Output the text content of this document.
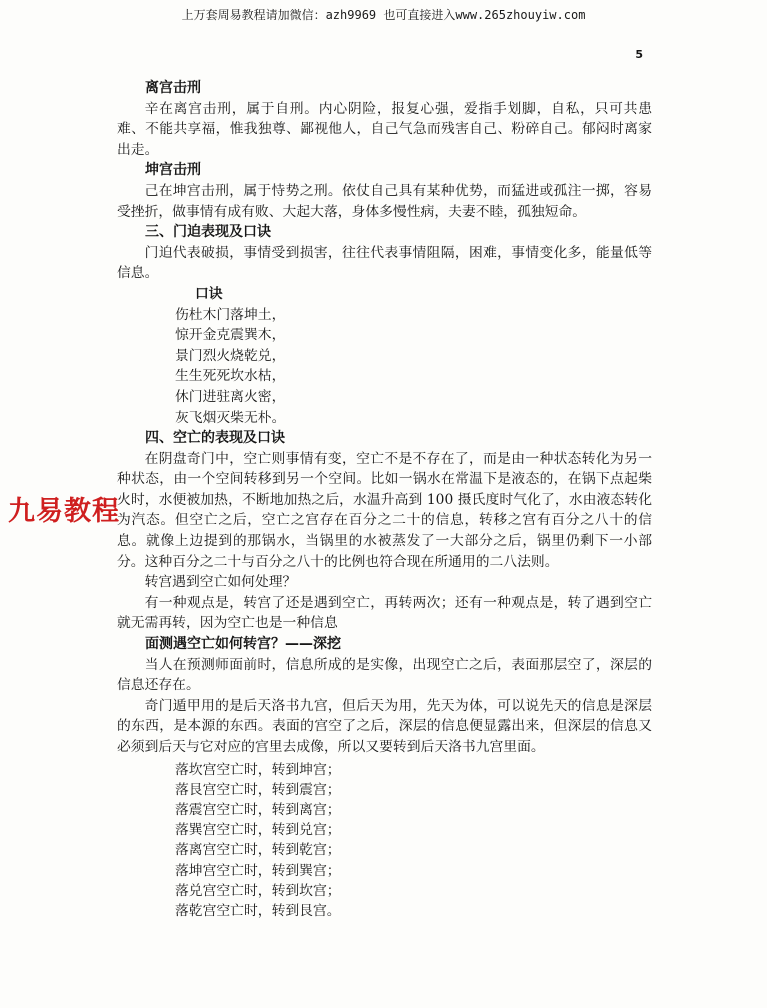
上万套周易教程请加微信：azh9969 也可直接进入www.265zhouyiw.com
5
离宫击刑

辛在离宫击刑，属于自刑。内心阴险，报复心强，爱指手划脚，自私，只可共患难、不能共享福，惟我独尊、鄙视他人，自己气急而残害自己、粉碎自己。郁闷时离家出走。

坤宫击刑

己在坤宫击刑，属于恃势之刑。依仗自己具有某种优势，而猛进或孤注一掷，容易受挫折，做事情有成有败、大起大落，身体多慢性病，夫妻不睦，孤独短命。

三、门迫表现及口诀

门迫代表破损，事情受到损害，往往代表事情阻隔，困难，事情变化多，能量低等信息。

口诀

伤杜木门落坤土，
惊开金克震巽木，
景门烈火烧乾兑，
生生死死坎水枯，
休门进驻离火密，
灰飞烟灭柴无朴。
四、空亡的表现及口诀

在阴盘奇门中，空亡则事情有变，空亡不是不存在了，而是由一种状态转化为另一种状态，由一个空间转移到另一个空间。比如一锅水在常温下是液态的，在锅下点起柴火时，水便被加热，不断地加热之后，水温升高到 100 摄氏度时气化了，水由液态转化为汽态。但空亡之后，空亡之宫存在百分之二十的信息，转移之宫有百分之八十的信息。就像上边提到的那锅水，当锅里的水被蒸发了一大部分之后，锅里仍剩下一小部分。这种百分之二十与百分之八十的比例也符合现在所通用的二八法则。

转宫遇到空亡如何处理？

有一种观点是，转宫了还是遇到空亡，再转两次；还有一种观点是，转了遇到空亡就无需再转，因为空亡也是一种信息

面测遇空亡如何转宫？——深挖

当人在预测师面前时，信息所成的是实像，出现空亡之后，表面那层空了，深层的信息还存在。

奇门遁甲用的是后天洛书九宫，但后天为用，先天为体，可以说先天的信息是深层的东西，是本源的东西。表面的宫空了之后，深层的信息便显露出来，但深层的信息又必须到后天与它对应的宫里去成像，所以又要转到后天洛书九宫里面。

落坎宫空亡时，转到坤宫；
落艮宫空亡时，转到震宫；
落震宫空亡时，转到离宫；
落巽宫空亡时，转到兑宫；
落离宫空亡时，转到乾宫；
落坤宫空亡时，转到巽宫；
落兑宫空亡时，转到坎宫；
落乾宫空亡时，转到艮宫。
九易教程
